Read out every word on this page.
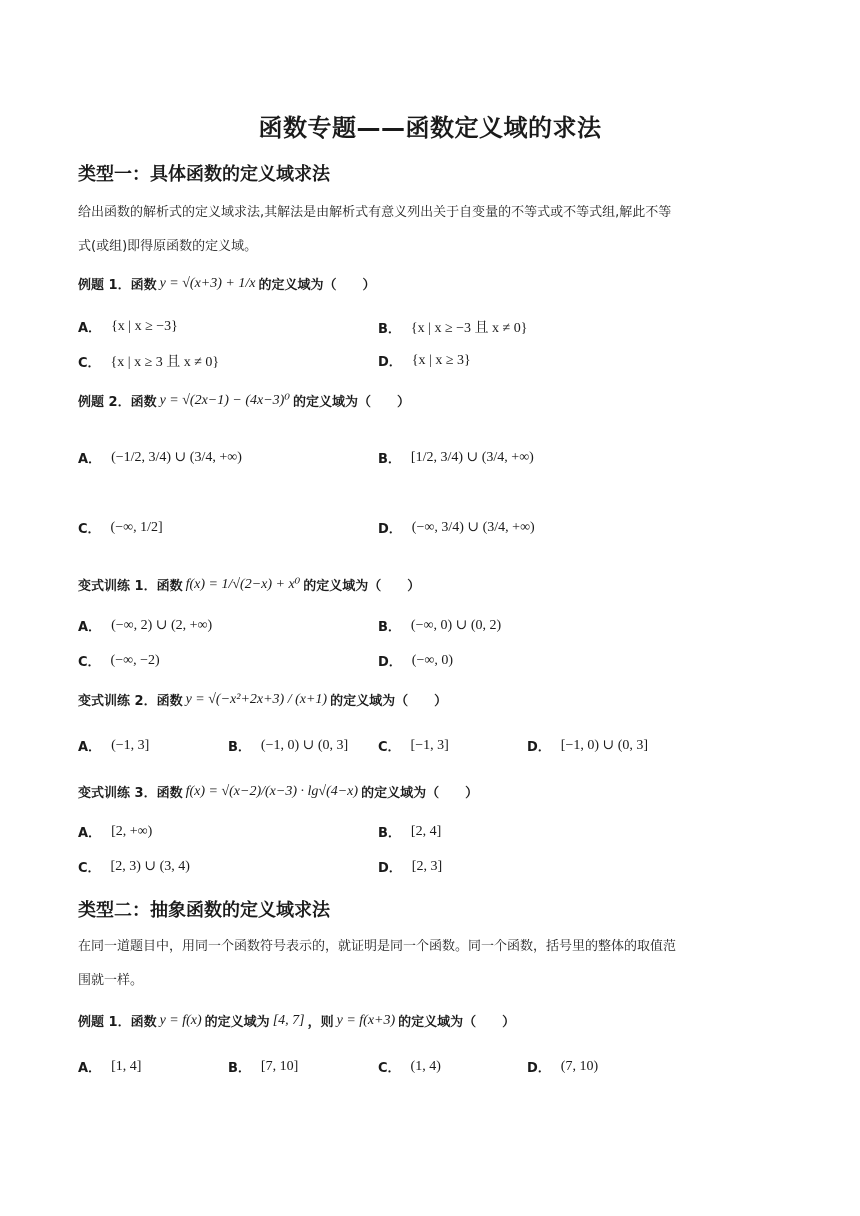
函数专题——函数定义域的求法
类型一：具体函数的定义域求法
给出函数的解析式的定义域求法,其解法是由解析式有意义列出关于自变量的不等式或不等式组,解此不等
式(或组)即得原函数的定义域。
例题 1．函数 y = √(x+3) + 1/x 的定义域为（　　）
A． {x | x ≥ −3}	B． {x | x ≥ −3 且 x ≠ 0}
C． {x | x ≥ 3 且 x ≠ 0}	D． {x | x ≥ 3}
例题 2．函数 y = √(2x−1) − (4x−3)⁰ 的定义域为（　　）
A． (−1/2, 3/4) ∪ (3/4, +∞)	B． [1/2, 3/4) ∪ (3/4, +∞)
C． (−∞, 1/2]	D． (−∞, 3/4) ∪ (3/4, +∞)
变式训练 1．函数 f(x) = 1/√(2−x) + x⁰ 的定义域为（　　）
A． (−∞, 2) ∪ (2, +∞)	B． (−∞, 0) ∪ (0, 2)
C． (−∞, −2)	D． (−∞, 0)
变式训练 2．函数 y = √(−x²+2x+3) / (x+1) 的定义域为（　　）
A． (−1, 3]	B． (−1, 0) ∪ (0, 3] C． [−1, 3]	D． [−1, 0) ∪ (0, 3]
变式训练 3．函数 f(x) = √(x−2)/(x−3) · lg√(4−x) 的定义域为（　　）
A． [2, +∞)	B． [2, 4]
C． [2, 3) ∪ (3, 4)	D． [2, 3]
类型二：抽象函数的定义域求法
在同一道题目中，用同一个函数符号表示的，就证明是同一个函数。同一个函数，括号里的整体的取值范
围就一样。
例题 1．函数 y = f(x) 的定义域为 [4, 7] ，则 y = f(x+3) 的定义域为（　　）
A． [1, 4]	B． [7, 10]	C． (1, 4)	D． (7, 10)
